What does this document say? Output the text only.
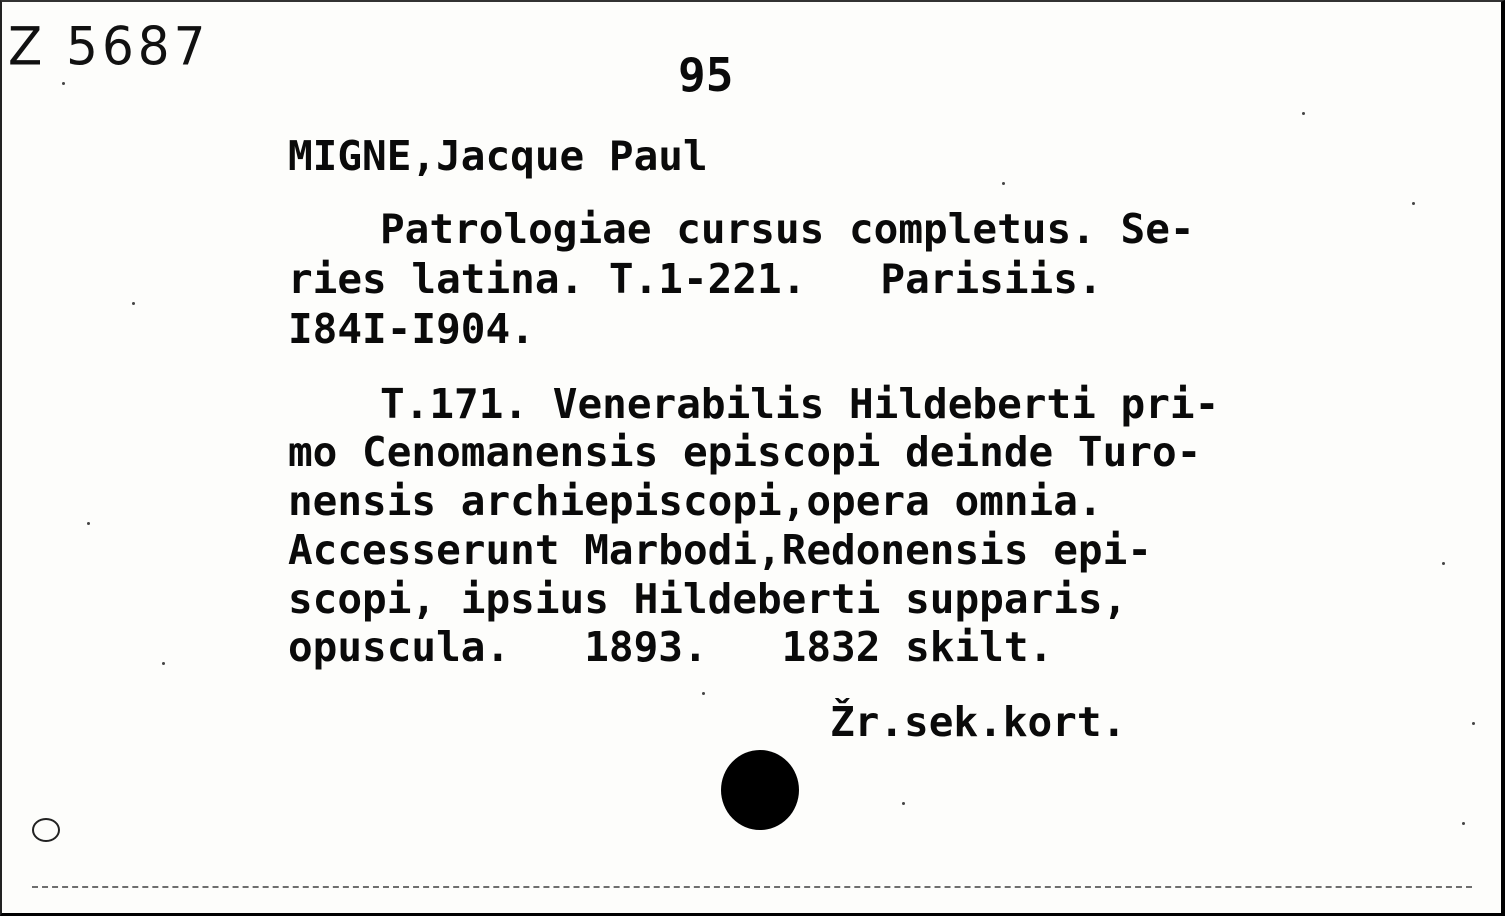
Z 5687	95

MIGNE,Jacque Paul

Patrologiae cursus completus. Se-

ries latina. T.1-221.   Parisiis.

I84I-I904.

T.171. Venerabilis Hildeberti pri-

mo Cenomanensis episcopi deinde Turo-

nensis archiepiscopi,opera omnia.

Accesserunt Marbodi,Redonensis epi-

scopi, ipsius Hildeberti supparis,

opuscula.   1893.   1832 skilt.

Žr.sek.kort.
